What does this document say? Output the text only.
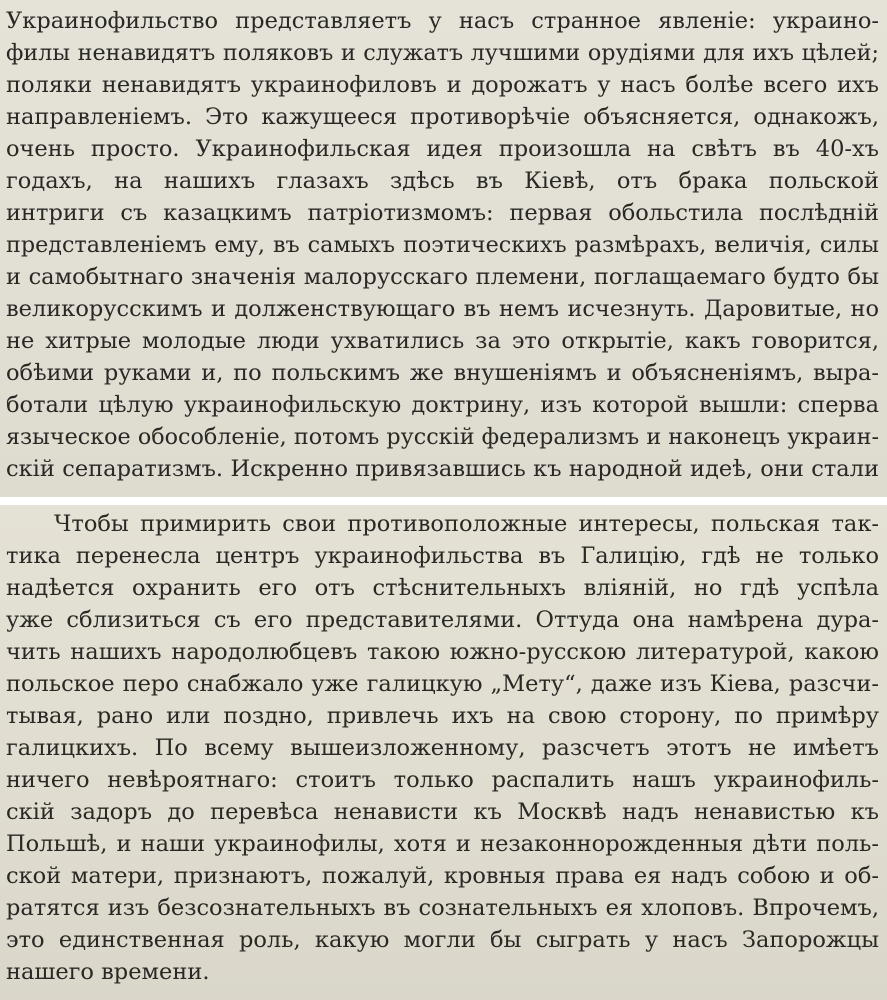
Украинофильство представляетъ у насъ странное явленіе: украино-
филы ненавидятъ поляковъ и служатъ лучшими орудіями для ихъ цѣлей;
поляки ненавидятъ украинофиловъ и дорожатъ у насъ болѣе всего ихъ
направленіемъ. Это кажущееся противорѣчіе объясняется, однакожъ,
очень просто. Украинофильская идея произошла на свѣтъ въ 40-хъ
годахъ, на нашихъ глазахъ здѣсь въ Кіевѣ, отъ брака польской
интриги съ казацкимъ патріотизмомъ: первая обольстила послѣдній
представленіемъ ему, въ самыхъ поэтическихъ размѣрахъ, величія, силы
и самобытнаго значенія малорусскаго племени, поглащаемаго будто бы
великорусскимъ и долженствующаго въ немъ исчезнуть. Даровитые, но
не хитрые молодые люди ухватились за это открытіе, какъ говорится,
обѣими руками и, по польскимъ же внушеніямъ и объясненіямъ, выра-
ботали цѣлую украинофильскую доктрину, изъ которой вышли: сперва
языческое обособленіе, потомъ русскій федерализмъ и наконецъ украин-
скій сепаратизмъ. Искренно привязавшись къ народной идеѣ, они стали
Чтобы примирить свои противоположные интересы, польская так-
тика перенесла центръ украинофильства въ Галицію, гдѣ не только
надѣется охранить его отъ стѣснительныхъ вліяній, но гдѣ успѣла
уже сблизиться съ его представителями. Оттуда она намѣрена дура-
чить нашихъ народолюбцевъ такою южно-русскою литературой, какою
польское перо снабжало уже галицкую „Мету“, даже изъ Кіева, разсчи-
тывая, рано или поздно, привлечь ихъ на свою сторону, по примѣру
галицкихъ. По всему вышеизложенному, разсчетъ этотъ не имѣетъ
ничего невѣроятнаго: стоитъ только распалить нашъ украинофиль-
скій задоръ до перевѣса ненависти къ Москвѣ надъ ненавистью къ
Польшѣ, и наши украинофилы, хотя и незаконнорожденныя дѣти поль-
ской матери, признаютъ, пожалуй, кровныя права ея надъ собою и об-
ратятся изъ безсознательныхъ въ сознательныхъ ея хлоповъ. Впрочемъ,
это единственная роль, какую могли бы сыграть у насъ Запорожцы
нашего времени.
